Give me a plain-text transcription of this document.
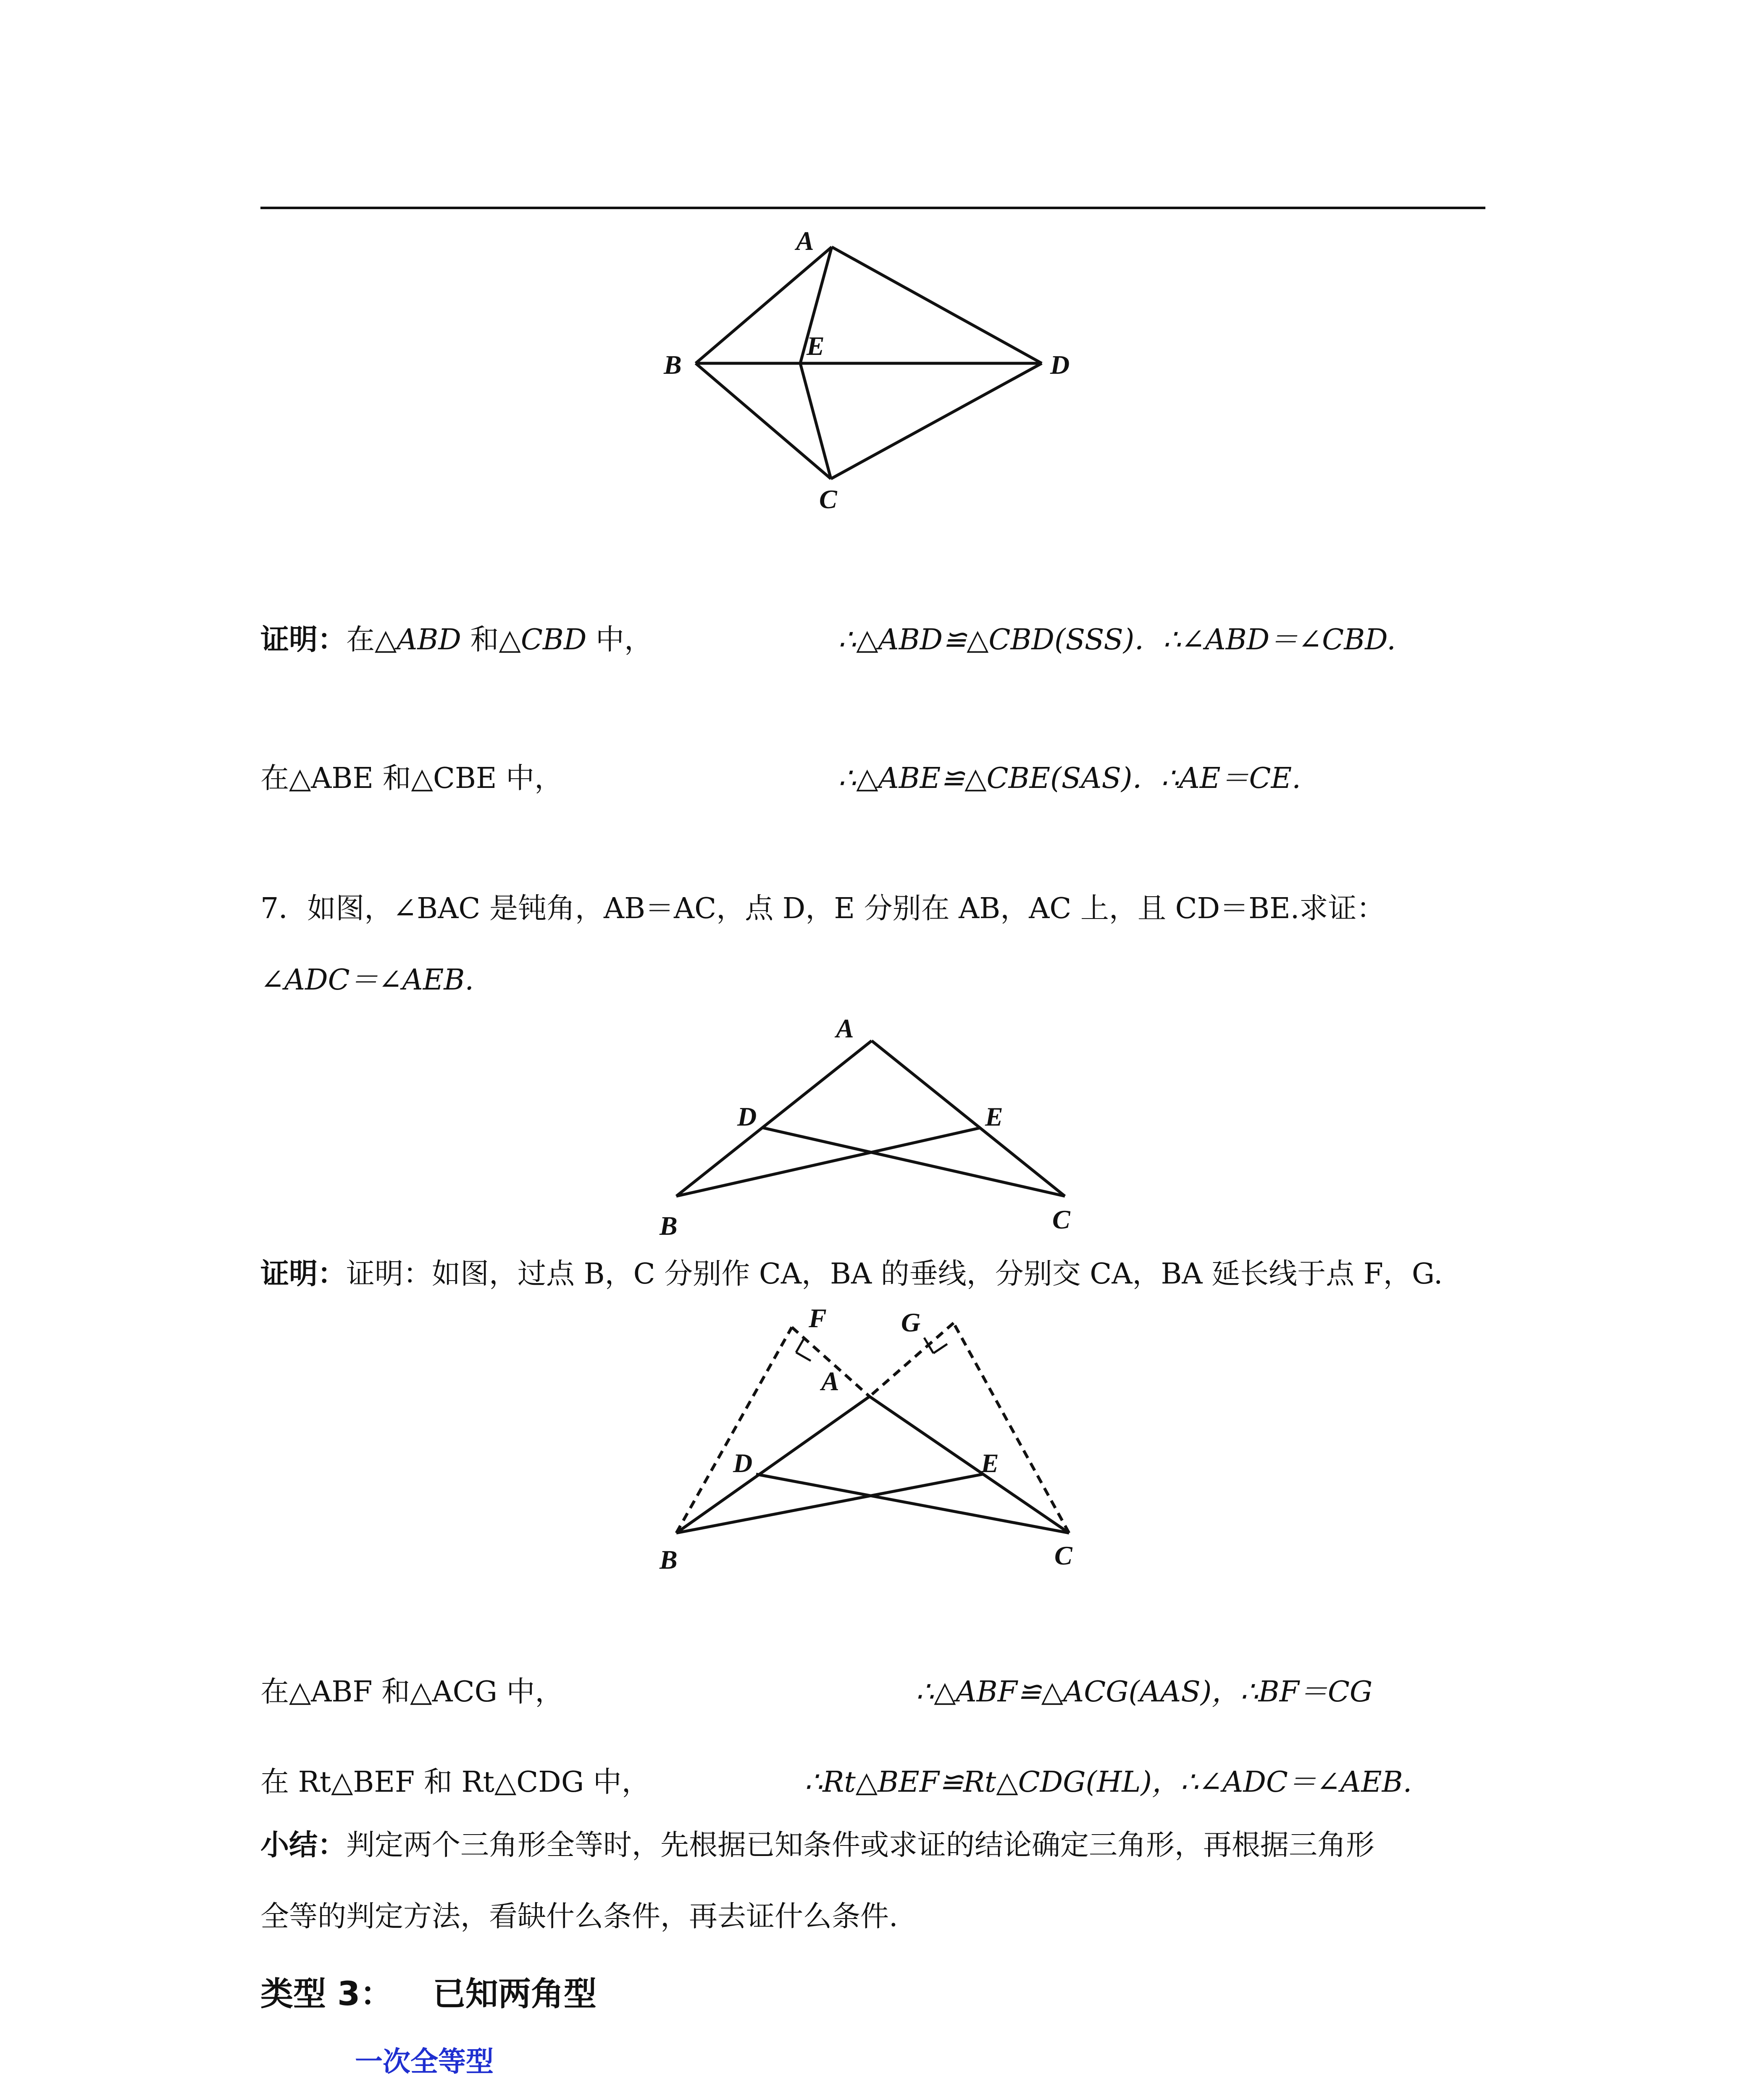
A
B
E
D
C
证明：在△ABD 和△CBD 中，	∴△ABD≌△CBD(SSS)．∴∠ABD＝∠CBD.
在△ABE 和△CBE 中，	∴△ABE≌△CBE(SAS)．∴AE＝CE.
7．如图，∠BAC 是钝角，AB＝AC，点 D，E 分别在 AB，AC 上，且 CD＝BE.求证：
∠ADC＝∠AEB.
A
D	E
B	C
证明：证明：如图，过点 B，C 分别作 CA，BA 的垂线，分别交 CA，BA 延长线于点 F，G.
F	G
A
D	E
B	C
在△ABF 和△ACG 中，	∴△ABF≌△ACG(AAS)，∴BF＝CG
在 Rt△BEF 和 Rt△CDG 中，	∴Rt△BEF≌Rt△CDG(HL)，∴∠ADC＝∠AEB.
小结：判定两个三角形全等时，先根据已知条件或求证的结论确定三角形，再根据三角形
全等的判定方法，看缺什么条件，再去证什么条件.
类型 3： 已知两角型
一次全等型
